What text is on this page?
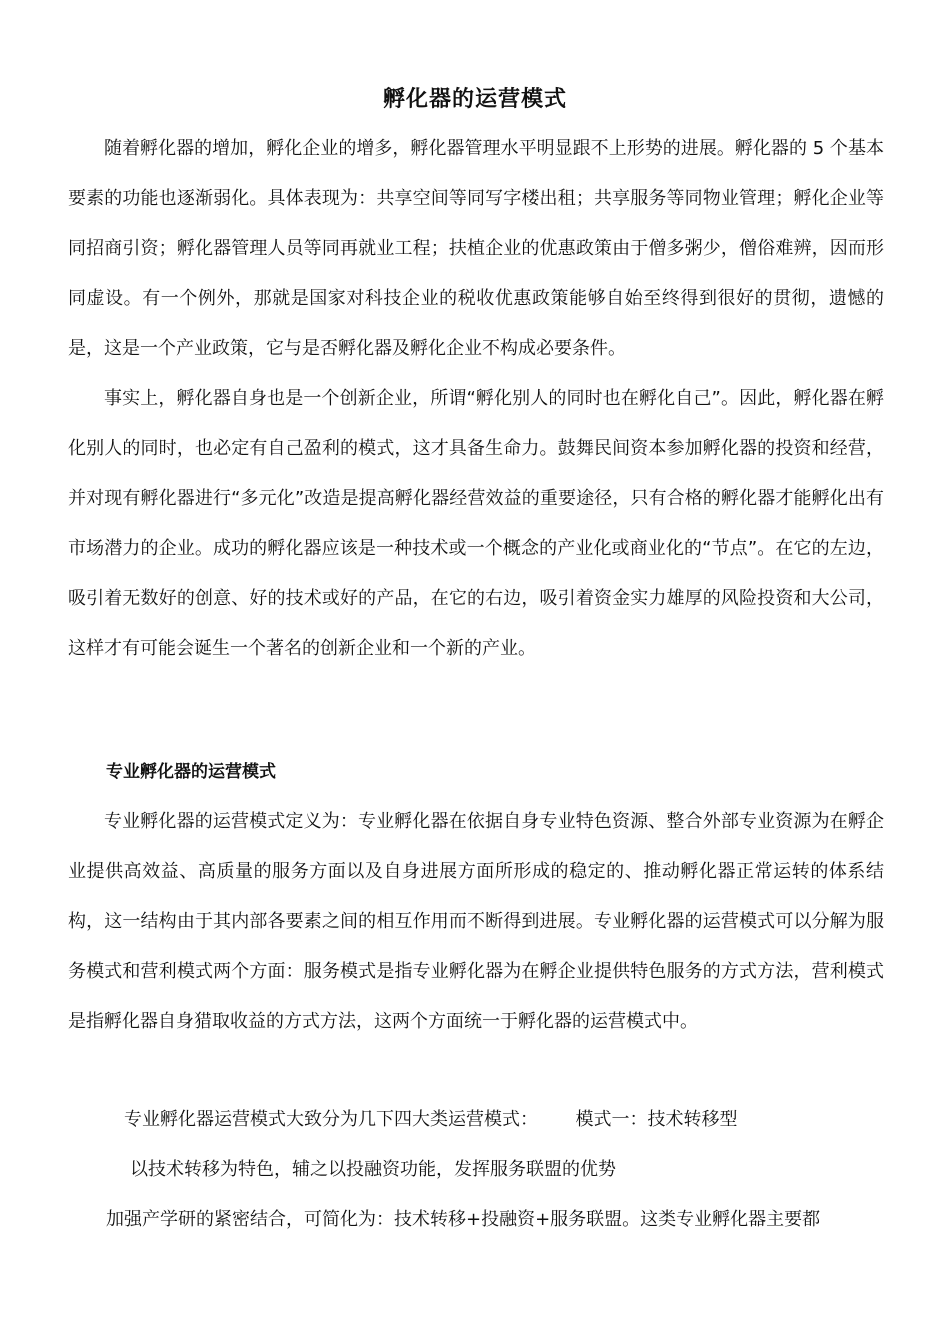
孵化器的运营模式

随着孵化器的增加，孵化企业的增多，孵化器管理水平明显跟不上形势的进展。孵化器的 5 个基本要素的功能也逐渐弱化。具体表现为：共享空间等同写字楼出租；共享服务等同物业管理；孵化企业等同招商引资；孵化器管理人员等同再就业工程；扶植企业的优惠政策由于僧多粥少，僧俗难辨，因而形同虚设。有一个例外，那就是国家对科技企业的税收优惠政策能够自始至终得到很好的贯彻，遗憾的是，这是一个产业政策，它与是否孵化器及孵化企业不构成必要条件。

事实上，孵化器自身也是一个创新企业，所谓“孵化别人的同时也在孵化自己”。因此，孵化器在孵化别人的同时，也必定有自己盈利的模式，这才具备生命力。鼓舞民间资本参加孵化器的投资和经营，并对现有孵化器进行“多元化”改造是提高孵化器经营效益的重要途径，只有合格的孵化器才能孵化出有市场潜力的企业。成功的孵化器应该是一种技术或一个概念的产业化或商业化的“节点”。在它的左边，吸引着无数好的创意、好的技术或好的产品，在它的右边，吸引着资金实力雄厚的风险投资和大公司，这样才有可能会诞生一个著名的创新企业和一个新的产业。

专业孵化器的运营模式

专业孵化器的运营模式定义为：专业孵化器在依据自身专业特色资源、整合外部专业资源为在孵企业提供高效益、高质量的服务方面以及自身进展方面所形成的稳定的、推动孵化器正常运转的体系结构，这一结构由于其内部各要素之间的相互作用而不断得到进展。专业孵化器的运营模式可以分解为服务模式和营利模式两个方面：服务模式是指专业孵化器为在孵企业提供特色服务的方式方法，营利模式是指孵化器自身猎取收益的方式方法，这两个方面统一于孵化器的运营模式中。

专业孵化器运营模式大致分为几下四大类运营模式： 模式一：技术转移型

以技术转移为特色，辅之以投融资功能，发挥服务联盟的优势

加强产学研的紧密结合，可简化为：技术转移+投融资+服务联盟。这类专业孵化器主要都
